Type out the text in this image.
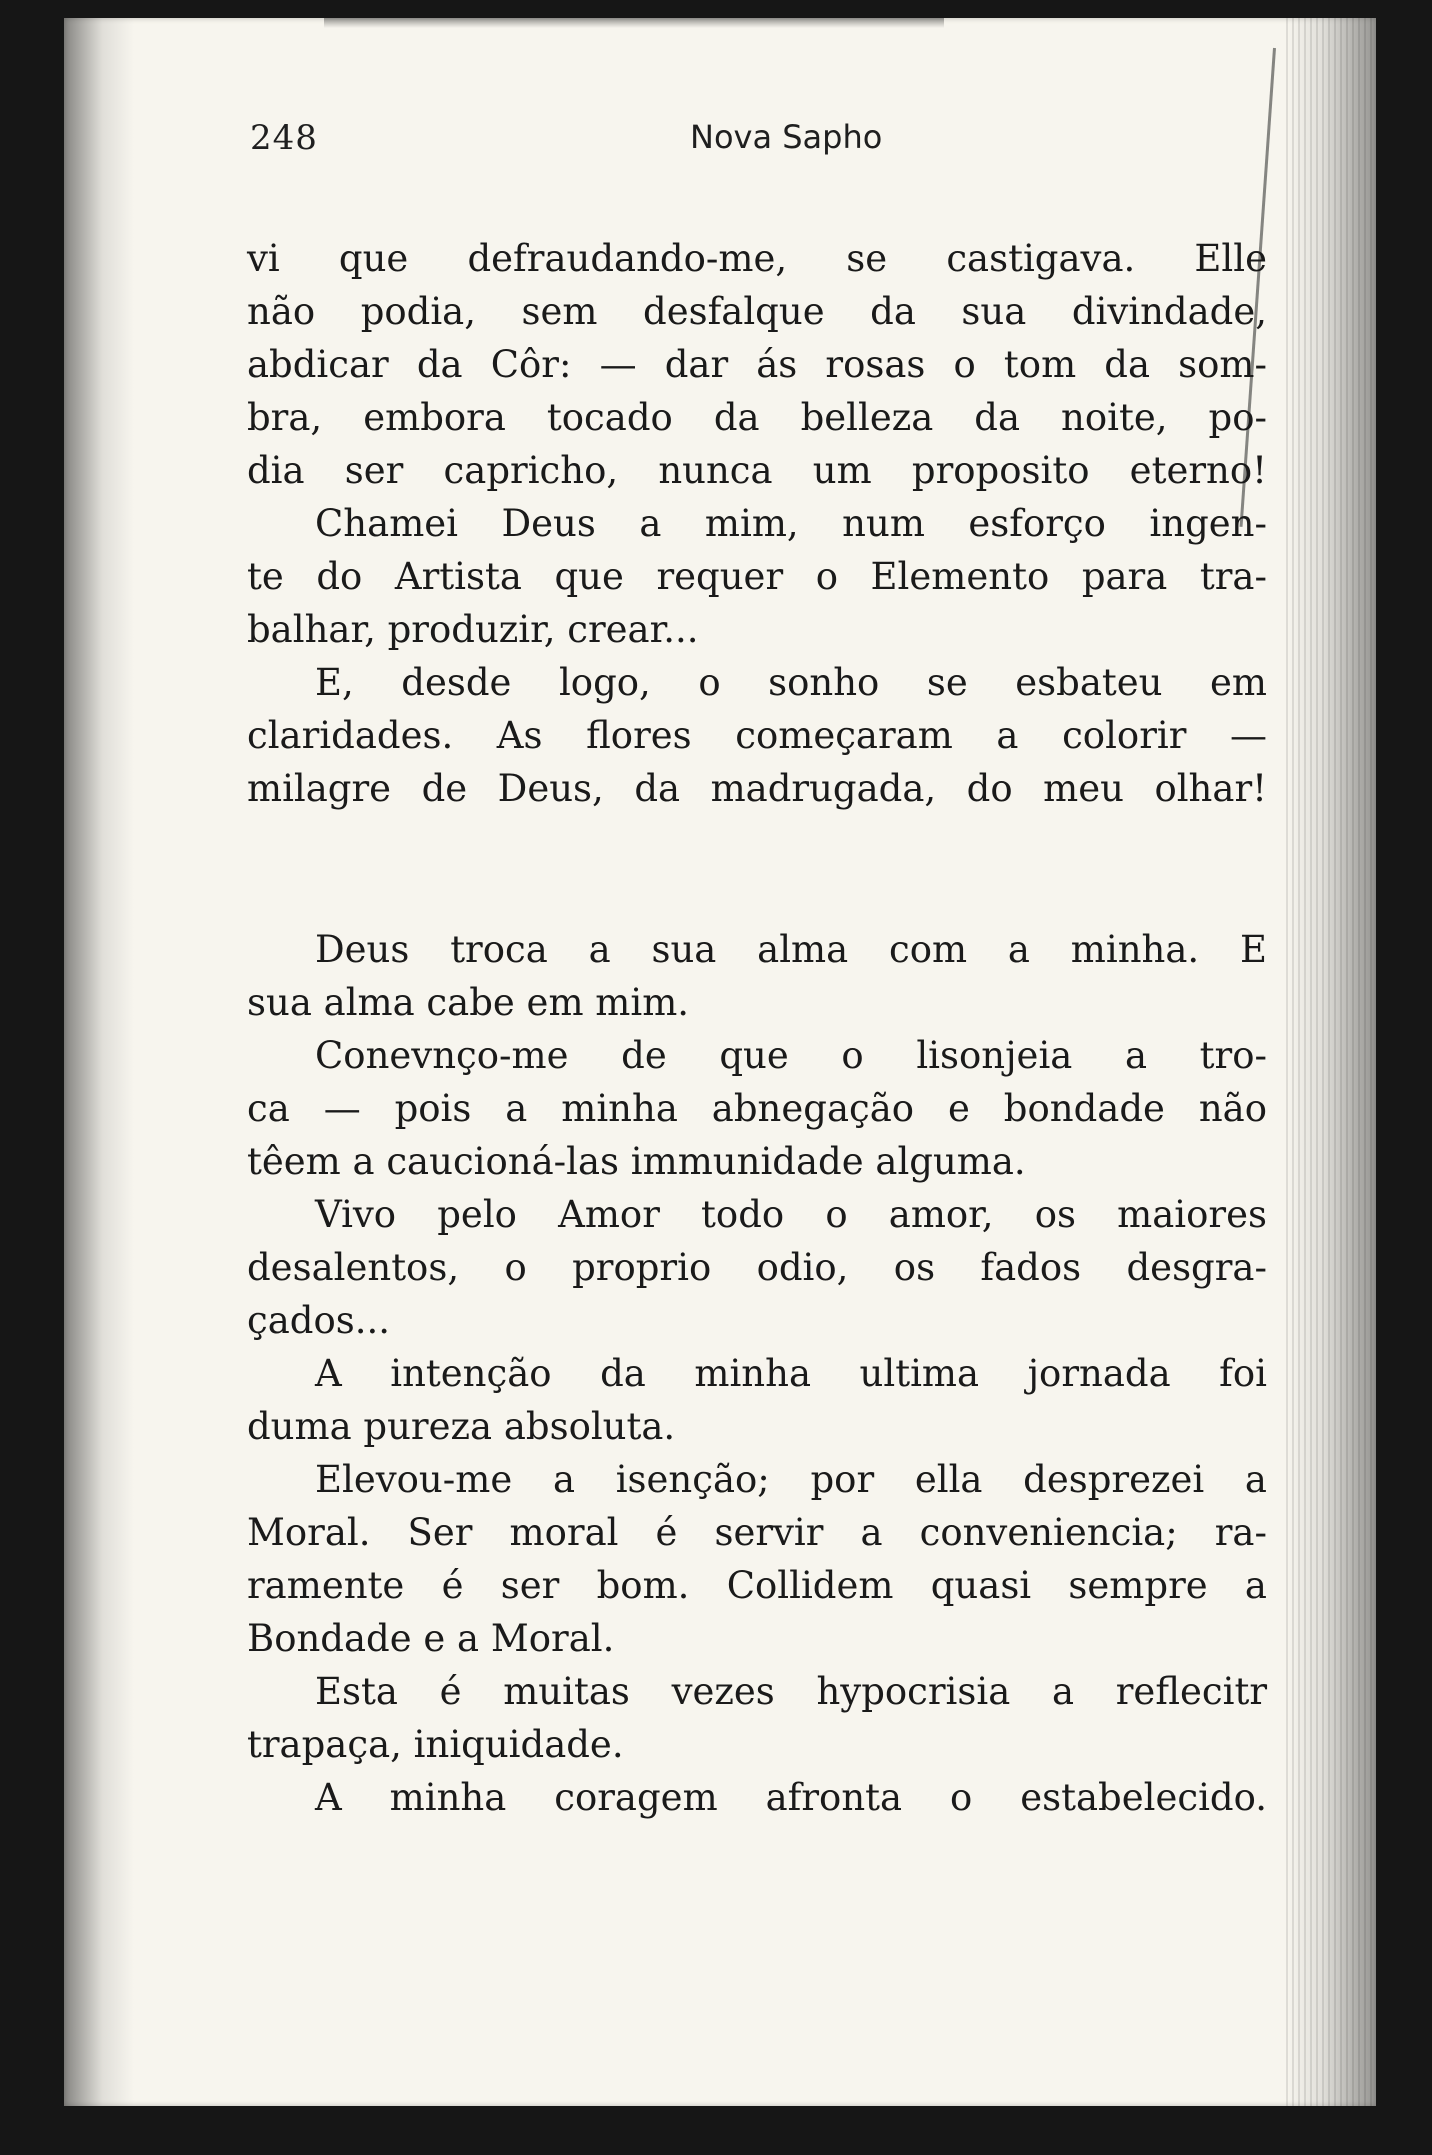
248	Nova Sapho
vi que defraudando-me, se castigava. Elle
não podia, sem desfalque da sua divindade,
abdicar da Côr: — dar ás rosas o tom da som-
bra, embora tocado da belleza da noite, po-
dia ser capricho, nunca um proposito eterno!
Chamei Deus a mim, num esforço ingen-
te do Artista que requer o Elemento para tra-
balhar, produzir, crear...
E, desde logo, o sonho se esbateu em
claridades. As flores começaram a colorir —
milagre de Deus, da madrugada, do meu olhar!
Deus troca a sua alma com a minha. E
sua alma cabe em mim.
Conevnço-me de que o lisonjeia a tro-
ca — pois a minha abnegação e bondade não
têem a caucioná-las immunidade alguma.
Vivo pelo Amor todo o amor, os maiores
desalentos, o proprio odio, os fados desgra-
çados...
A intenção da minha ultima jornada foi
duma pureza absoluta.
Elevou-me a isenção; por ella desprezei a
Moral. Ser moral é servir a conveniencia; ra-
ramente é ser bom. Collidem quasi sempre a
Bondade e a Moral.
Esta é muitas vezes hypocrisia a reflecitr
trapaça, iniquidade.
A minha coragem afronta o estabelecido.
